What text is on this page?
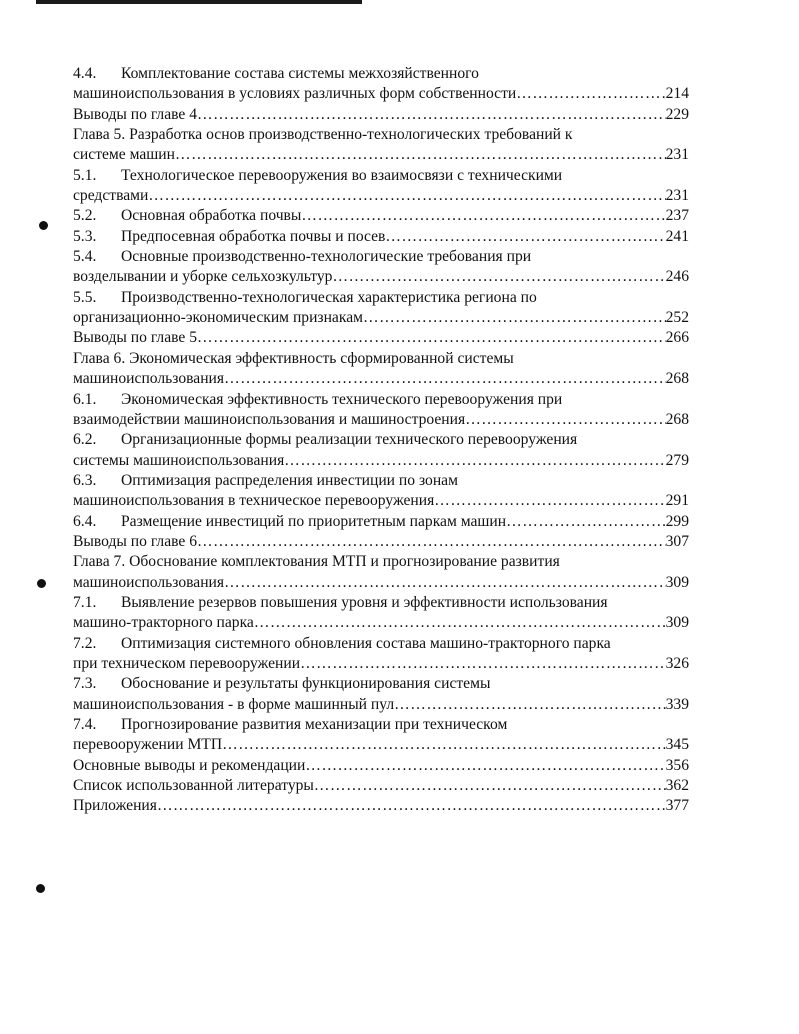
4.4.	Комплектование состава системы межхозяйственного
машиноиспользования в условиях различных форм собственности …………………………………………………………………………………………………………………………………………………………………………	214
Выводы по главе 4 …………………………………………………………………………………………………………………………………………………………………………	229
Глава 5. Разработка основ производственно-технологических требований к
системе машин …………………………………………………………………………………………………………………………………………………………………………	231
5.1.	Технологическое перевооружения во взаимосвязи с техническими
средствами …………………………………………………………………………………………………………………………………………………………………………	231
5.2.	Основная обработка почвы …………………………………………………………………………………………………………………………………………………………………………	237
5.3.	Предпосевная обработка почвы и посев …………………………………………………………………………………………………………………………………………………………………………	241
5.4.	Основные производственно-технологические требования при
возделывании и уборке сельхозкультур …………………………………………………………………………………………………………………………………………………………………………	246
5.5.	Производственно-технологическая характеристика региона по
организационно-экономическим признакам …………………………………………………………………………………………………………………………………………………………………………	252
Выводы по главе 5 …………………………………………………………………………………………………………………………………………………………………………	266
Глава 6. Экономическая эффективность сформированной системы
машиноиспользования …………………………………………………………………………………………………………………………………………………………………………	268
6.1.	Экономическая эффективность технического перевооружения при
взаимодействии машиноиспользования и машиностроения …………………………………………………………………………………………………………………………………………………………………………	268
6.2.	Организационные формы реализации технического перевооружения
системы машиноиспользования …………………………………………………………………………………………………………………………………………………………………………	279
6.3.	Оптимизация распределения инвестиции по зонам
машиноиспользования в техническое перевооружения …………………………………………………………………………………………………………………………………………………………………………	291
6.4.	Размещение инвестиций по приоритетным паркам машин …………………………………………………………………………………………………………………………………………………………………………	299
Выводы по главе 6 …………………………………………………………………………………………………………………………………………………………………………	307
Глава 7. Обоснование комплектования МТП и прогнозирование развития
машиноиспользования …………………………………………………………………………………………………………………………………………………………………………	309
7.1.	Выявление резервов повышения уровня и эффективности использования
машино-тракторного парка …………………………………………………………………………………………………………………………………………………………………………	309
7.2.	Оптимизация системного обновления состава машино-тракторного парка
при техническом перевооружении …………………………………………………………………………………………………………………………………………………………………………	326
7.3.	Обоснование и результаты функционирования системы
машиноиспользования - в форме машинный пул …………………………………………………………………………………………………………………………………………………………………………	339
7.4.	Прогнозирование развития механизации при техническом
перевооружении МТП …………………………………………………………………………………………………………………………………………………………………………	345
Основные выводы и рекомендации …………………………………………………………………………………………………………………………………………………………………………	356
Список использованной литературы …………………………………………………………………………………………………………………………………………………………………………	362
Приложения …………………………………………………………………………………………………………………………………………………………………………	377
